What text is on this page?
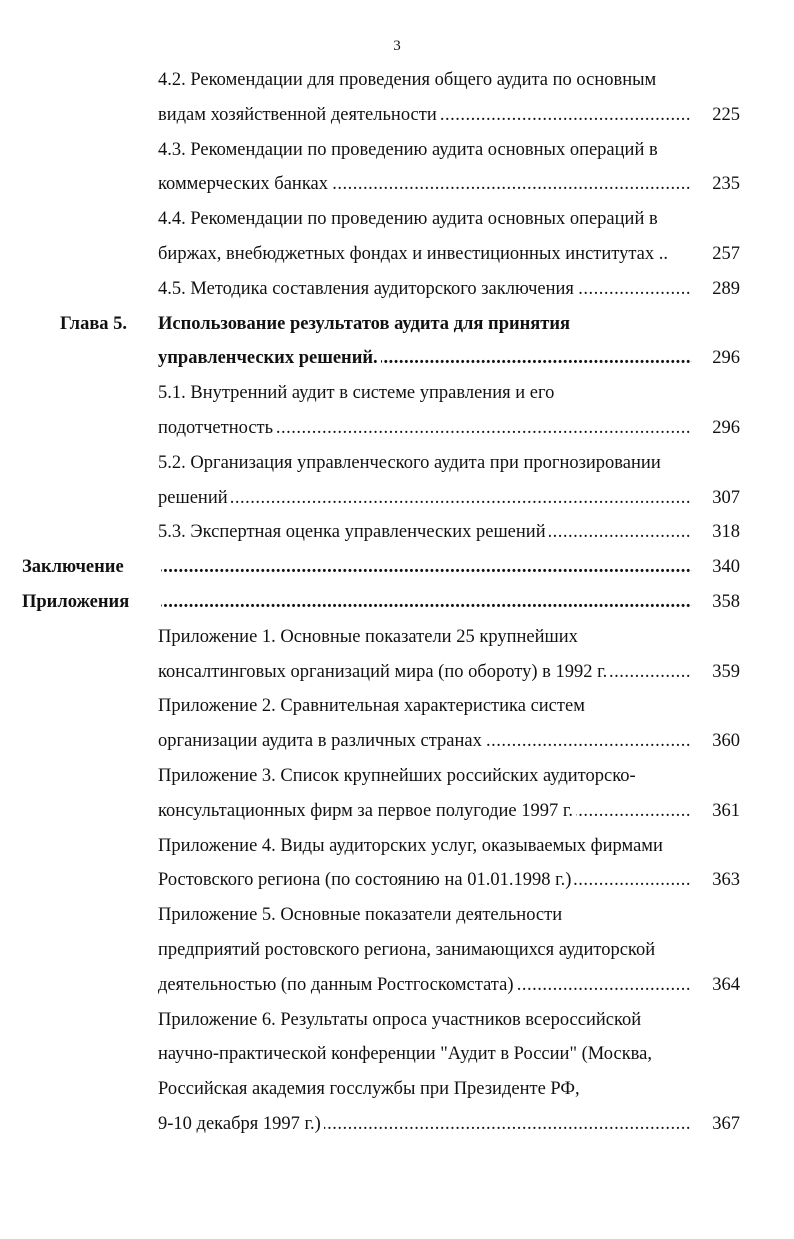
3
4.2. Рекомендации для проведения общего аудита по основным
видам хозяйственной деятельности .....	225
4.3. Рекомендации по проведению аудита основных операций в
коммерческих банках .....	235
4.4. Рекомендации по проведению аудита основных операций в
биржах, внебюджетных фондах и инвестиционных институтах ..	257
4.5. Методика составления аудиторского заключения .....	289
Глава 5. Использование результатов аудита для принятия
управленческих решений. .....	296
5.1. Внутренний аудит в системе управления и его
подотчетность .....	296
5.2. Организация управленческого аудита при прогнозировании
решений .....	307
5.3. Экспертная оценка управленческих решений .....	318
Заключение .....	340
Приложения .....	358
Приложение 1. Основные показатели 25 крупнейших
консалтинговых организаций мира (по обороту) в 1992 г. .....	359
Приложение 2. Сравнительная характеристика систем
организации аудита в различных странах .....	360
Приложение 3. Список крупнейших российских аудиторско-
консультационных фирм за первое полугодие 1997 г. .....	361
Приложение 4. Виды аудиторских услуг, оказываемых фирмами
Ростовского региона (по состоянию на 01.01.1998 г.) .....	363
Приложение 5. Основные показатели деятельности
предприятий ростовского региона, занимающихся аудиторской
деятельностью (по данным Ростгоскомстата) .....	364
Приложение 6. Результаты опроса участников всероссийской
научно-практической конференции "Аудит в России" (Москва,
Российская академия госслужбы при Президенте РФ,
9-10 декабря 1997 г.) .....	367
